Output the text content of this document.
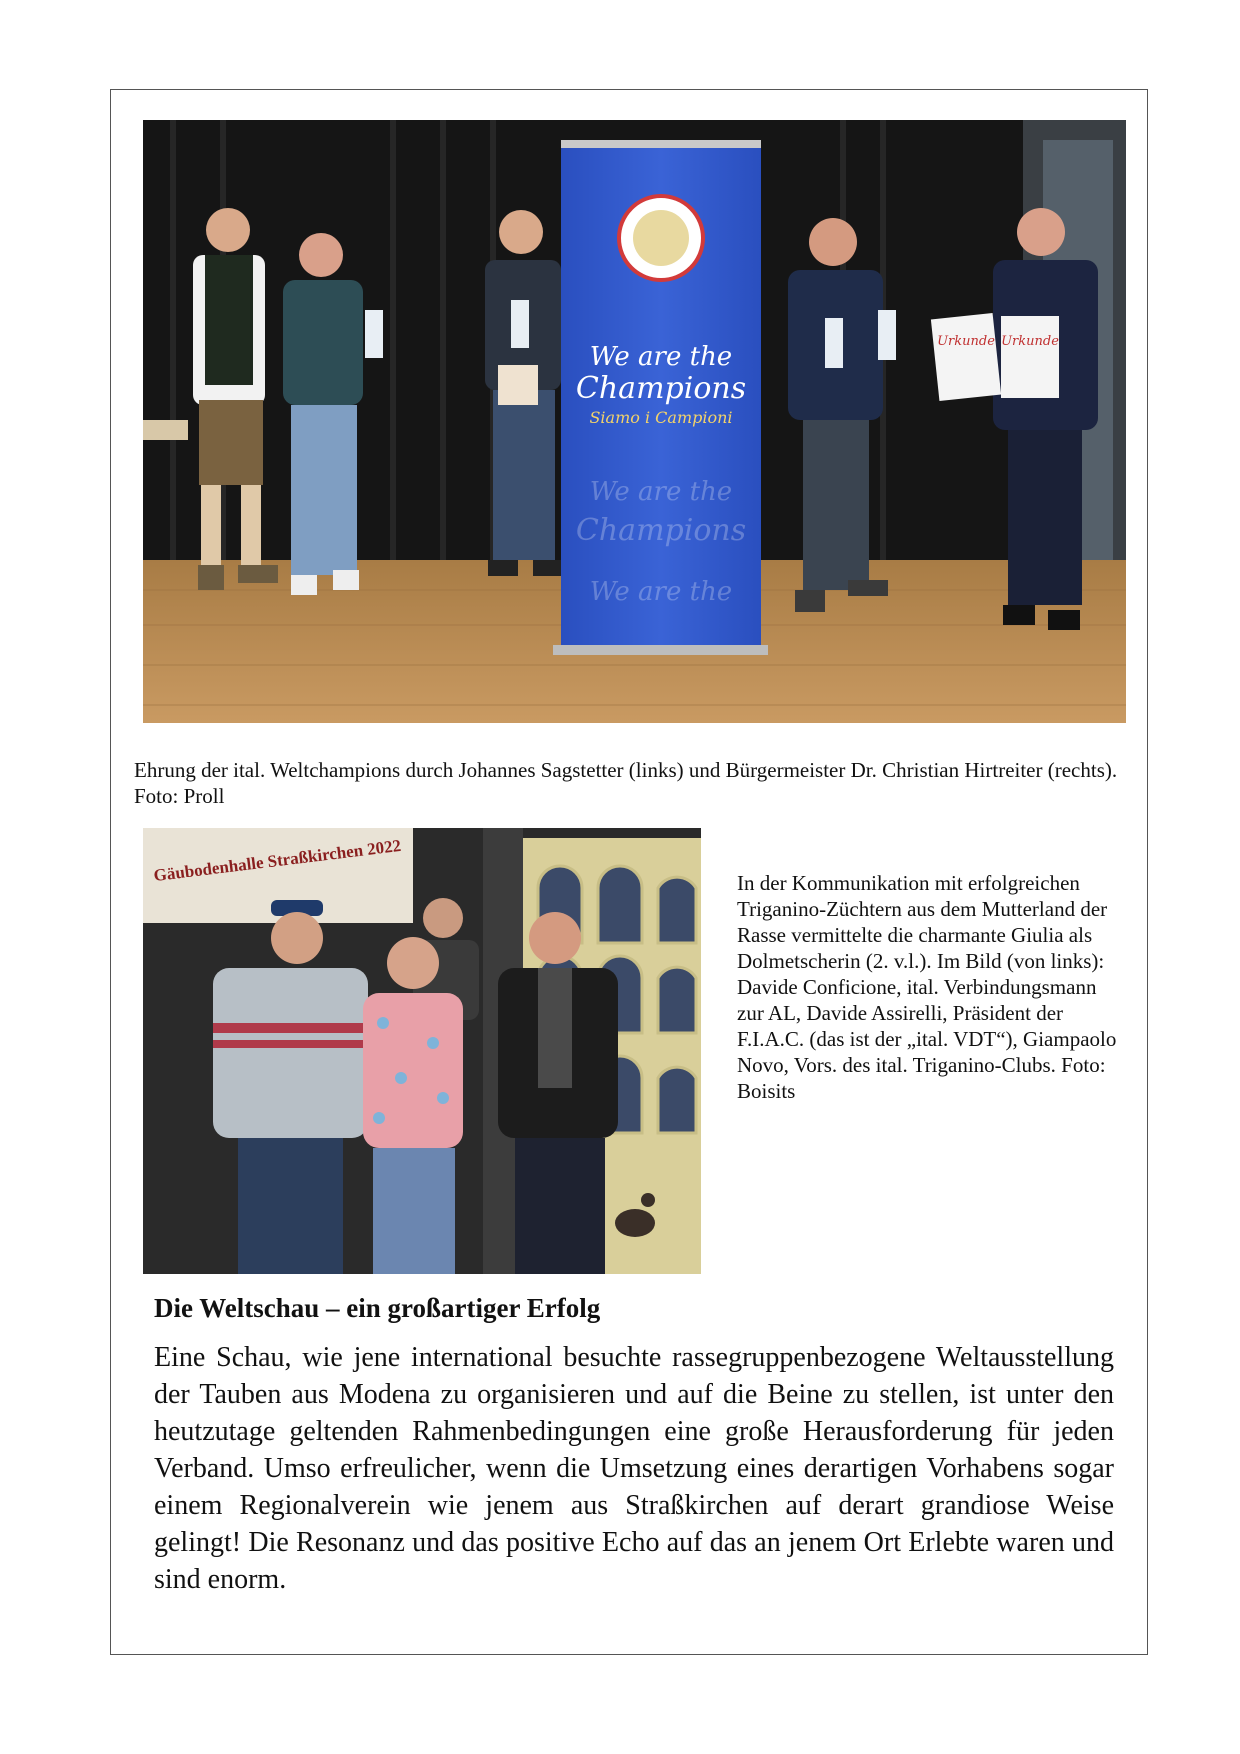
We are the
Champions
Siamo i Campioni
We are the
Champions
We are the
Urkunde Urkunde
Ehrung der ital. Weltchampions durch Johannes Sagstetter (links) und Bürgermeister Dr. Christian Hirtreiter (rechts). Foto: Proll
Gäubodenhalle Straßkirchen 2022	In der Kommunikation mit erfolgreichen Triganino-Züchtern aus dem Mutterland der Rasse vermittelte die charmante Giulia als Dolmetscherin (2. v.l.). Im Bild (von links): Davide Conficione, ital. Verbindungsmann zur AL, Davide Assirelli, Präsident der F.I.A.C. (das ist der „ital. VDT“), Giampaolo Novo, Vors. des ital. Triganino-Clubs. Foto: Boisits
Die Weltschau – ein großartiger Erfolg

Eine Schau, wie jene international besuchte rassegruppenbezogene Weltausstellung der Tauben aus Modena zu organisieren und auf die Beine zu stellen, ist unter den heutzutage geltenden Rahmenbedingungen eine große Herausforderung für jeden Verband. Umso erfreulicher, wenn die Umsetzung eines derartigen Vorhabens sogar einem Regionalverein wie jenem aus Straßkirchen auf derart grandiose Weise gelingt! Die Resonanz und das positive Echo auf das an jenem Ort Erlebte waren und sind enorm.
